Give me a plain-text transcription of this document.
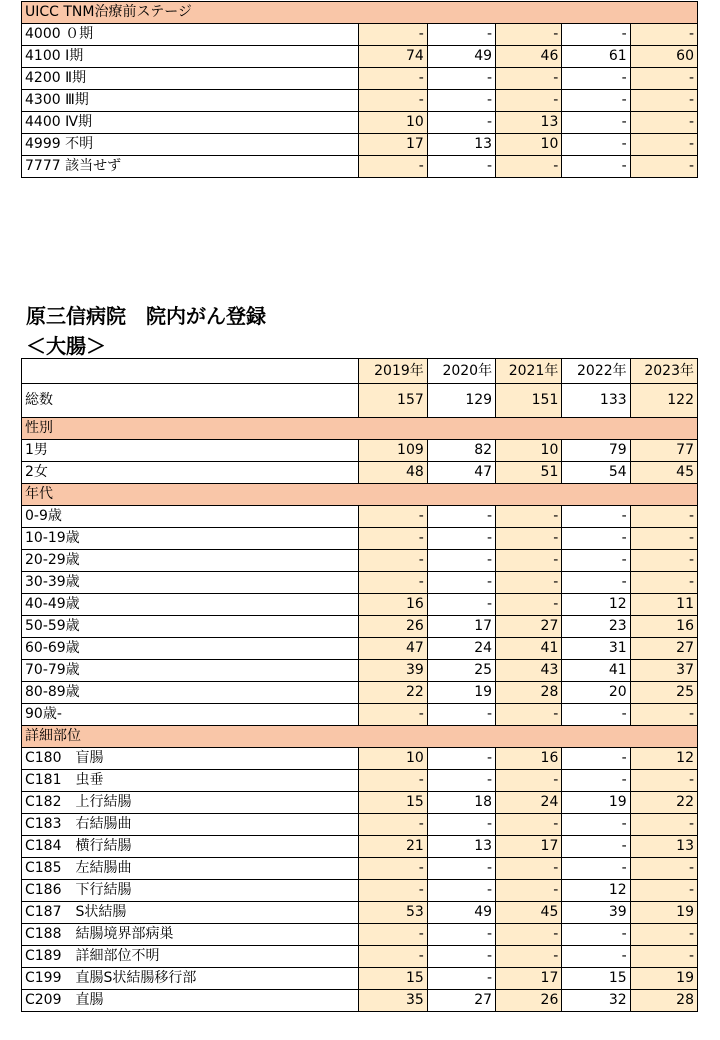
UICC TNM治療前ステージ					
4000 ０期	-	-	-	-	-
4100 Ⅰ期	74	49	46	61	60
4200 Ⅱ期	-	-	-	-	-
4300 Ⅲ期	-	-	-	-	-
4400 Ⅳ期	10	-	13	-	-
4999 不明	17	13	10	-	-
7777 該当せず	-	-	-	-	-
原三信病院　院内がん登録
＜大腸＞
	2019年	2020年	2021年	2022年	2023年
総数	157	129	151	133	122
性別					
1男	109	82	10	79	77
2女	48	47	51	54	45
年代					
0-9歳	-	-	-	-	-
10-19歳	-	-	-	-	-
20-29歳	-	-	-	-	-
30-39歳	-	-	-	-	-
40-49歳	16	-	-	12	11
50-59歳	26	17	27	23	16
60-69歳	47	24	41	31	27
70-79歳	39	25	43	41	37
80-89歳	22	19	28	20	25
90歳-	-	-	-	-	-
詳細部位					
C180　盲腸	10	-	16	-	12
C181　虫垂	-	-	-	-	-
C182　上行結腸	15	18	24	19	22
C183　右結腸曲	-	-	-	-	-
C184　横行結腸	21	13	17	-	13
C185　左結腸曲	-	-	-	-	-
C186　下行結腸	-	-	-	12	-
C187　S状結腸	53	49	45	39	19
C188　結腸境界部病巣	-	-	-	-	-
C189　詳細部位不明	-	-	-	-	-
C199　直腸S状結腸移行部	15	-	17	15	19
C209　直腸	35	27	26	32	28
